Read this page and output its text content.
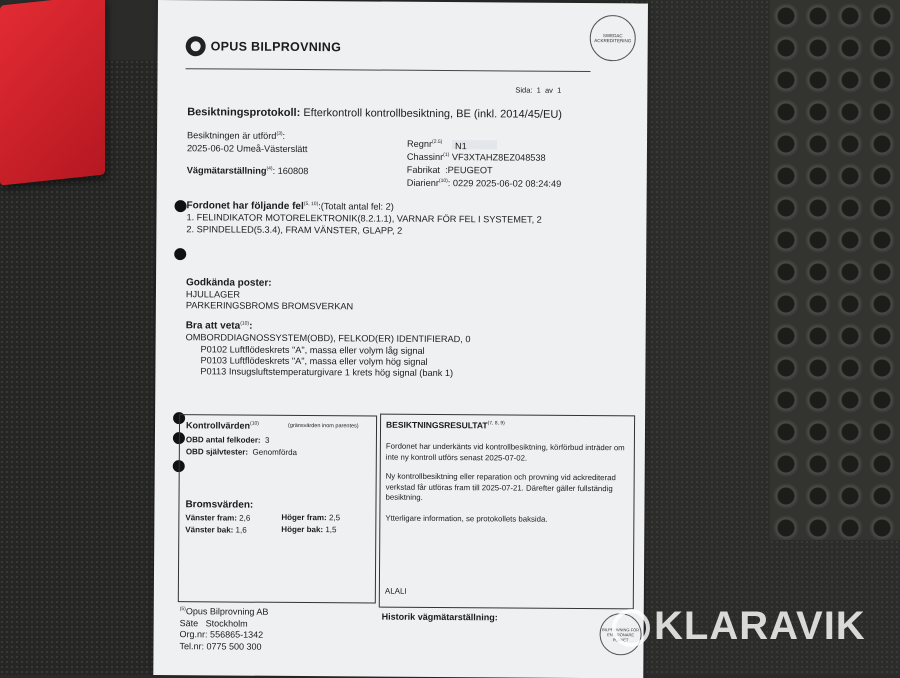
OPUS BILPROVNING
SWEDAC ACKREDITERING
Sida: 1 av 1
Besiktningsprotokoll: Efterkontroll kontrollbesiktning, BE (inkl. 2014/45/EU)
Besiktningen är utförd$^{(3)}$:
2025-06-02 Umeå-Västerslätt
Vägmätarställning$^{(4)}$: 160808
Regnr$^{(2.5)}$	N1
Chassinr$^{(1)}$ VF3XTAHZ8EZ048538
Fabrikat  :PEUGEOT
Diarienr$^{(10)}$: 0229 2025-06-02 08:24:49
Fordonet har följande fel$^{(5, 10)}$:(Totalt antal fel: 2)
1. FELINDIKATOR MOTORELEKTRONIK(8.2.1.1), VARNAR FÖR FEL I SYSTEMET, 2
2. SPINDELLED(5.3.4), FRAM VÄNSTER, GLAPP, 2
Godkända poster:
HJULLAGER
PARKERINGSBROMS BROMSVERKAN
Bra att veta$^{(10)}$:
OMBORDDIAGNOSSYSTEM(OBD), FELKOD(ER) IDENTIFIERAD, 0
P0102 Luftflödeskrets "A", massa eller volym låg signal
P0103 Luftflödeskrets "A", massa eller volym hög signal
P0113 Insugsluftstemperaturgivare 1 krets hög signal (bank 1)
Kontrollvärden$^{(10)}$	(gränsvärden inom parentes)
OBD antal felkoder: 3
OBD självtester: Genomförda
Bromsvärden:
Vänster fram: 2,6	Höger fram: 2,5
Vänster bak: 1,6	Höger bak: 1,5
BESIKTNINGSRESULTAT$^{(7, 8, 9)}$
Fordonet har underkänts vid kontrollbesiktning, körförbud inträder om inte ny kontroll utförs senast 2025-07-02.
Ny kontrollbesiktning eller reparation och provning vid ackrediterad verkstad får utföras fram till 2025-07-21. Därefter gäller fullständig besiktning.
Ytterligare information, se protokollets baksida.
ALALI
$^{(5)}$Opus Bilprovning AB
Säte Stockholm
Org.nr: 556865-1342
Tel.nr: 0775 500 300
Historik vägmätarställning:
BILPROVNING FÖR EN GRÖNARE PLANET KLARAVIK
